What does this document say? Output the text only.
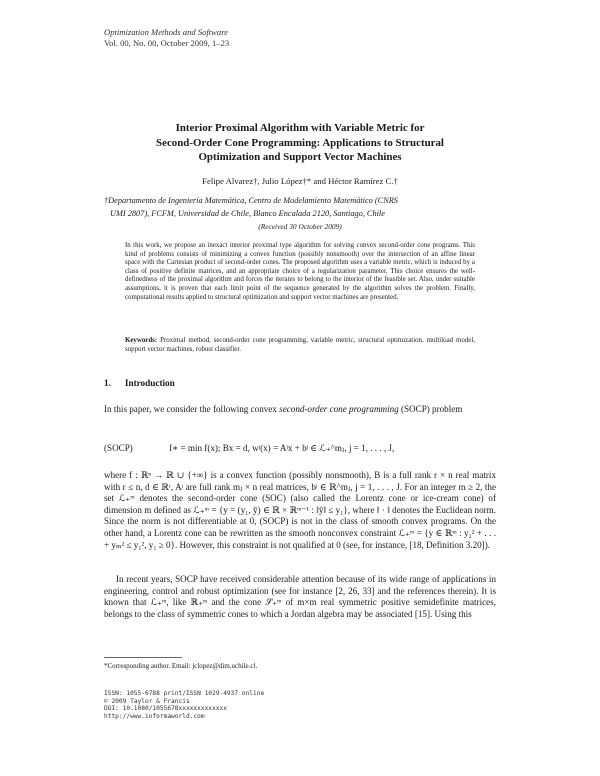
Optimization Methods and Software
Vol. 00, No. 00, October 2009, 1–23
Interior Proximal Algorithm with Variable Metric for
Second-Order Cone Programming: Applications to Structural
Optimization and Support Vector Machines
Felipe Alvarez†, Julio López†* and Héctor Ramírez C.†
†Departamento de Ingeniería Matemática, Centro de Modelamiento Matemático (CNRS
UMI 2807), FCFM, Universidad de Chile, Blanco Encalada 2120, Santiago, Chile
(Received 30 October 2009)
In this work, we propose an inexact interior proximal type algorithm for solving convex second-order cone programs. This kind of problems consists of minimizing a convex function (possibly nonsmooth) over the intersection of an affine linear space with the Cartesian product of second-order cones. The proposed algorithm uses a variable metric, which is induced by a class of positive definite matrices, and an appropriate choice of a regularization parameter. This choice ensures the well-definedness of the proximal algorithm and forces the iterates to belong to the interior of the feasible set. Also, under suitable assumptions, it is proven that each limit point of the sequence generated by the algorithm solves the problem. Finally, computational results applied to structural optimization and support vector machines are presented.
Keywords: Proximal method, second-order cone programming, variable metric, structural optimization, multiload model, support vector machines, robust classifier.
1. Introduction
In this paper, we consider the following convex second-order cone programming (SOCP) problem
(SOCP)	f∗ = min f(x); Bx = d, wʲ(x) = Aʲx + bʲ ∈ ℒ₊^mⱼ, j = 1, . . . , J,
where f : ℝⁿ → ℝ ∪ {+∞} is a convex function (possibly nonsmooth), B is a full rank r × n real matrix with r ≤ n, d ∈ ℝʳ, Aʲ are full rank mⱼ × n real matrices, bʲ ∈ ℝ^mⱼ, j = 1, . . . , J. For an integer m ≥ 2, the set ℒ₊ᵐ denotes the second-order cone (SOC) (also called the Lorentz cone or ice-cream cone) of dimension m defined as ℒ₊ᵐ = {y = (y₁, ȳ) ∈ ℝ × ℝᵐ⁻¹ : ‖ȳ‖ ≤ y₁}, where ‖ · ‖ denotes the Euclidean norm. Since the norm is not differentiable at 0, (SOCP) is not in the class of smooth convex programs. On the other hand, a Lorentz cone can be rewritten as the smooth nonconvex constraint ℒ₊ᵐ = {y ∈ ℝᵐ : y₂² + . . . + yₘ² ≤ y₁², y₁ ≥ 0}. However, this constraint is not qualified at 0 (see, for instance, [18, Definition 3.20]).
In recent years, SOCP have received considerable attention because of its wide range of applications in engineering, control and robust optimization (see for instance [2, 26, 33] and the references therein). It is known that ℒ₊ᵐ, like ℝ₊ᵐ and the cone 𝒮₊ᵐ of m×m real symmetric positive semidefinite matrices, belongs to the class of symmetric cones to which a Jordan algebra may be associated [15]. Using this
*Corresponding author. Email: jclopez@dim.uchile.cl.
ISSN: 1055-6788 print/ISSN 1029-4937 online
© 2009 Taylor & Francis
DOI: 10.1080/1055678xxxxxxxxxxxxx
http://www.informaworld.com
